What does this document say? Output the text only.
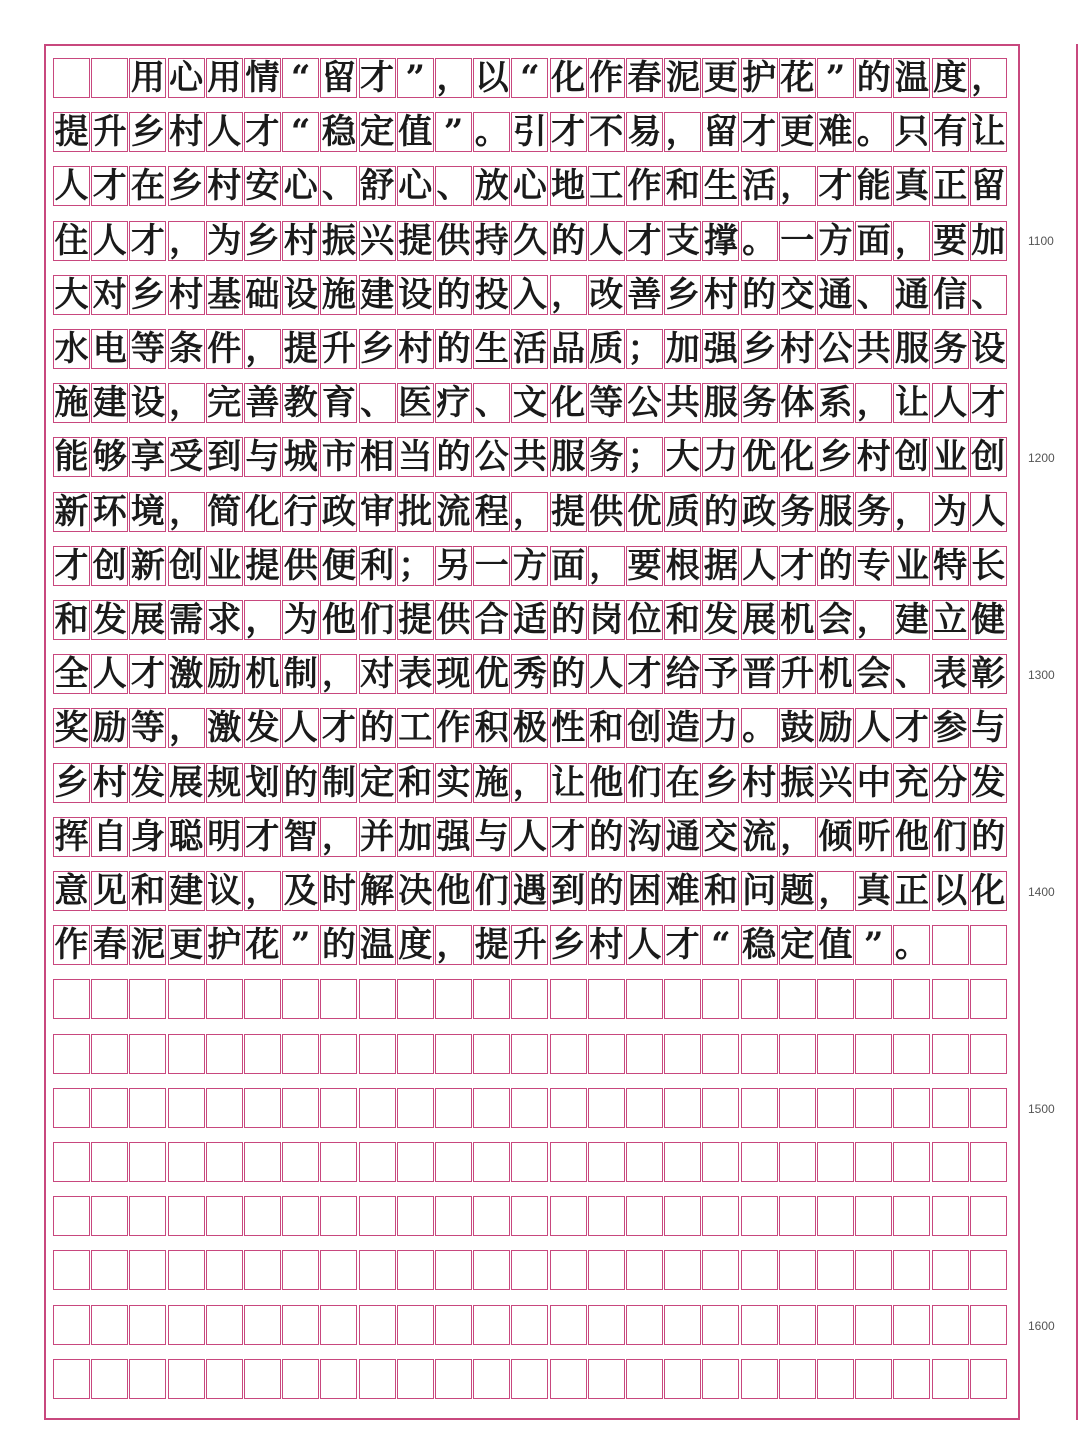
用 心 用 情 “ 留 才 ” ， 以 “ 化 作 春 泥 更 护 花 ” 的 温 度 ，
提 升 乡 村 人 才 “ 稳 定 值 ” 。 引 才 不 易 ， 留 才 更 难 。 只 有 让
人 才 在 乡 村 安 心 、 舒 心 、 放 心 地 工 作 和 生 活 ， 才 能 真 正 留
住 人 才 ， 为 乡 村 振 兴 提 供 持 久 的 人 才 支 撑 。 一 方 面 ， 要 加
大 对 乡 村 基 础 设 施 建 设 的 投 入 ， 改 善 乡 村 的 交 通 、 通 信 、
水 电 等 条 件 ， 提 升 乡 村 的 生 活 品 质 ； 加 强 乡 村 公 共 服 务 设
施 建 设 ， 完 善 教 育 、 医 疗 、 文 化 等 公 共 服 务 体 系 ， 让 人 才
能 够 享 受 到 与 城 市 相 当 的 公 共 服 务 ； 大 力 优 化 乡 村 创 业 创
新 环 境 ， 简 化 行 政 审 批 流 程 ， 提 供 优 质 的 政 务 服 务 ， 为 人
才 创 新 创 业 提 供 便 利 ； 另 一 方 面 ， 要 根 据 人 才 的 专 业 特 长
和 发 展 需 求 ， 为 他 们 提 供 合 适 的 岗 位 和 发 展 机 会 ， 建 立 健
全 人 才 激 励 机 制 ， 对 表 现 优 秀 的 人 才 给 予 晋 升 机 会 、 表 彰
奖 励 等 ， 激 发 人 才 的 工 作 积 极 性 和 创 造 力 。 鼓 励 人 才 参 与
乡 村 发 展 规 划 的 制 定 和 实 施 ， 让 他 们 在 乡 村 振 兴 中 充 分 发
挥 自 身 聪 明 才 智 ， 并 加 强 与 人 才 的 沟 通 交 流 ， 倾 听 他 们 的
意 见 和 建 议 ， 及 时 解 决 他 们 遇 到 的 困 难 和 问 题 ， 真 正 以 化
作 春 泥 更 护 花 ” 的 温 度 ， 提 升 乡 村 人 才 “ 稳 定 值 ” 。
1100
1200
1300
1400
1500
1600
